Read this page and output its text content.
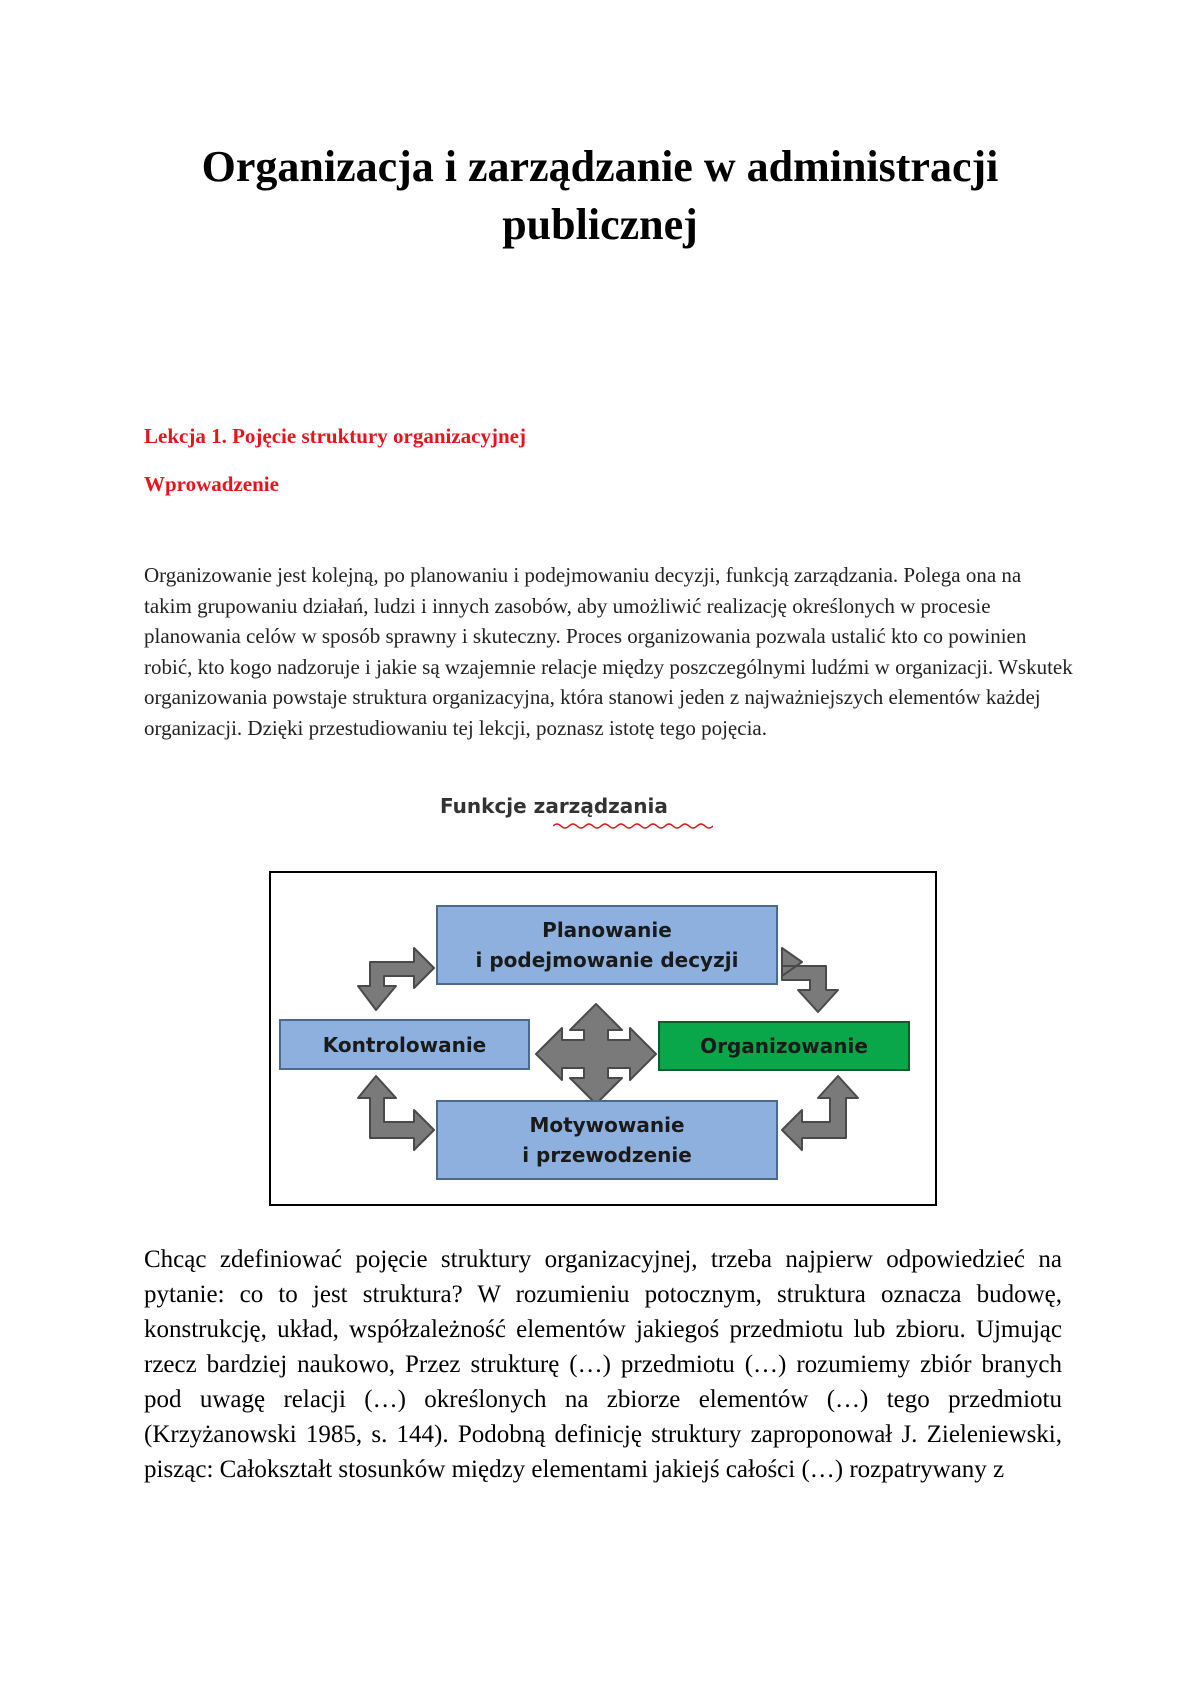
Organizacja i zarządzanie w administracji publicznej

Lekcja 1. Pojęcie struktury organizacyjnej

Wprowadzenie

Organizowanie jest kolejną, po planowaniu i podejmowaniu decyzji, funkcją zarządzania. Polega ona na takim grupowaniu działań, ludzi i innych zasobów, aby umożliwić realizację określonych w procesie planowania celów w sposób sprawny i skuteczny. Proces organizowania pozwala ustalić kto co powinien robić, kto kogo nadzoruje i jakie są wzajemnie relacje między poszczególnymi ludźmi w organizacji. Wskutek organizowania powstaje struktura organizacyjna, która stanowi jeden z najważniejszych elementów każdej organizacji. Dzięki przestudiowaniu tej lekcji, poznasz istotę tego pojęcia.

Funkcje zarządzania
Planowanie
i podejmowanie decyzji
Kontrolowanie	Organizowanie
Motywowanie
i przewodzenie

Chcąc zdefiniować pojęcie struktury organizacyjnej, trzeba najpierw odpowiedzieć na pytanie: co to jest struktura? W rozumieniu potocznym, struktura oznacza budowę, konstrukcję, układ, współzależność elementów jakiegoś przedmiotu lub zbioru. Ujmując rzecz bardziej naukowo, Przez strukturę (…) przedmiotu (…) rozumiemy zbiór branych pod uwagę relacji (…) określonych na zbiorze elementów (…) tego przedmiotu (Krzyżanowski 1985, s. 144). Podobną definicję struktury zaproponował J. Zieleniewski, pisząc: Całokształt stosunków między elementami jakiejś całości (…) rozpatrywany z
